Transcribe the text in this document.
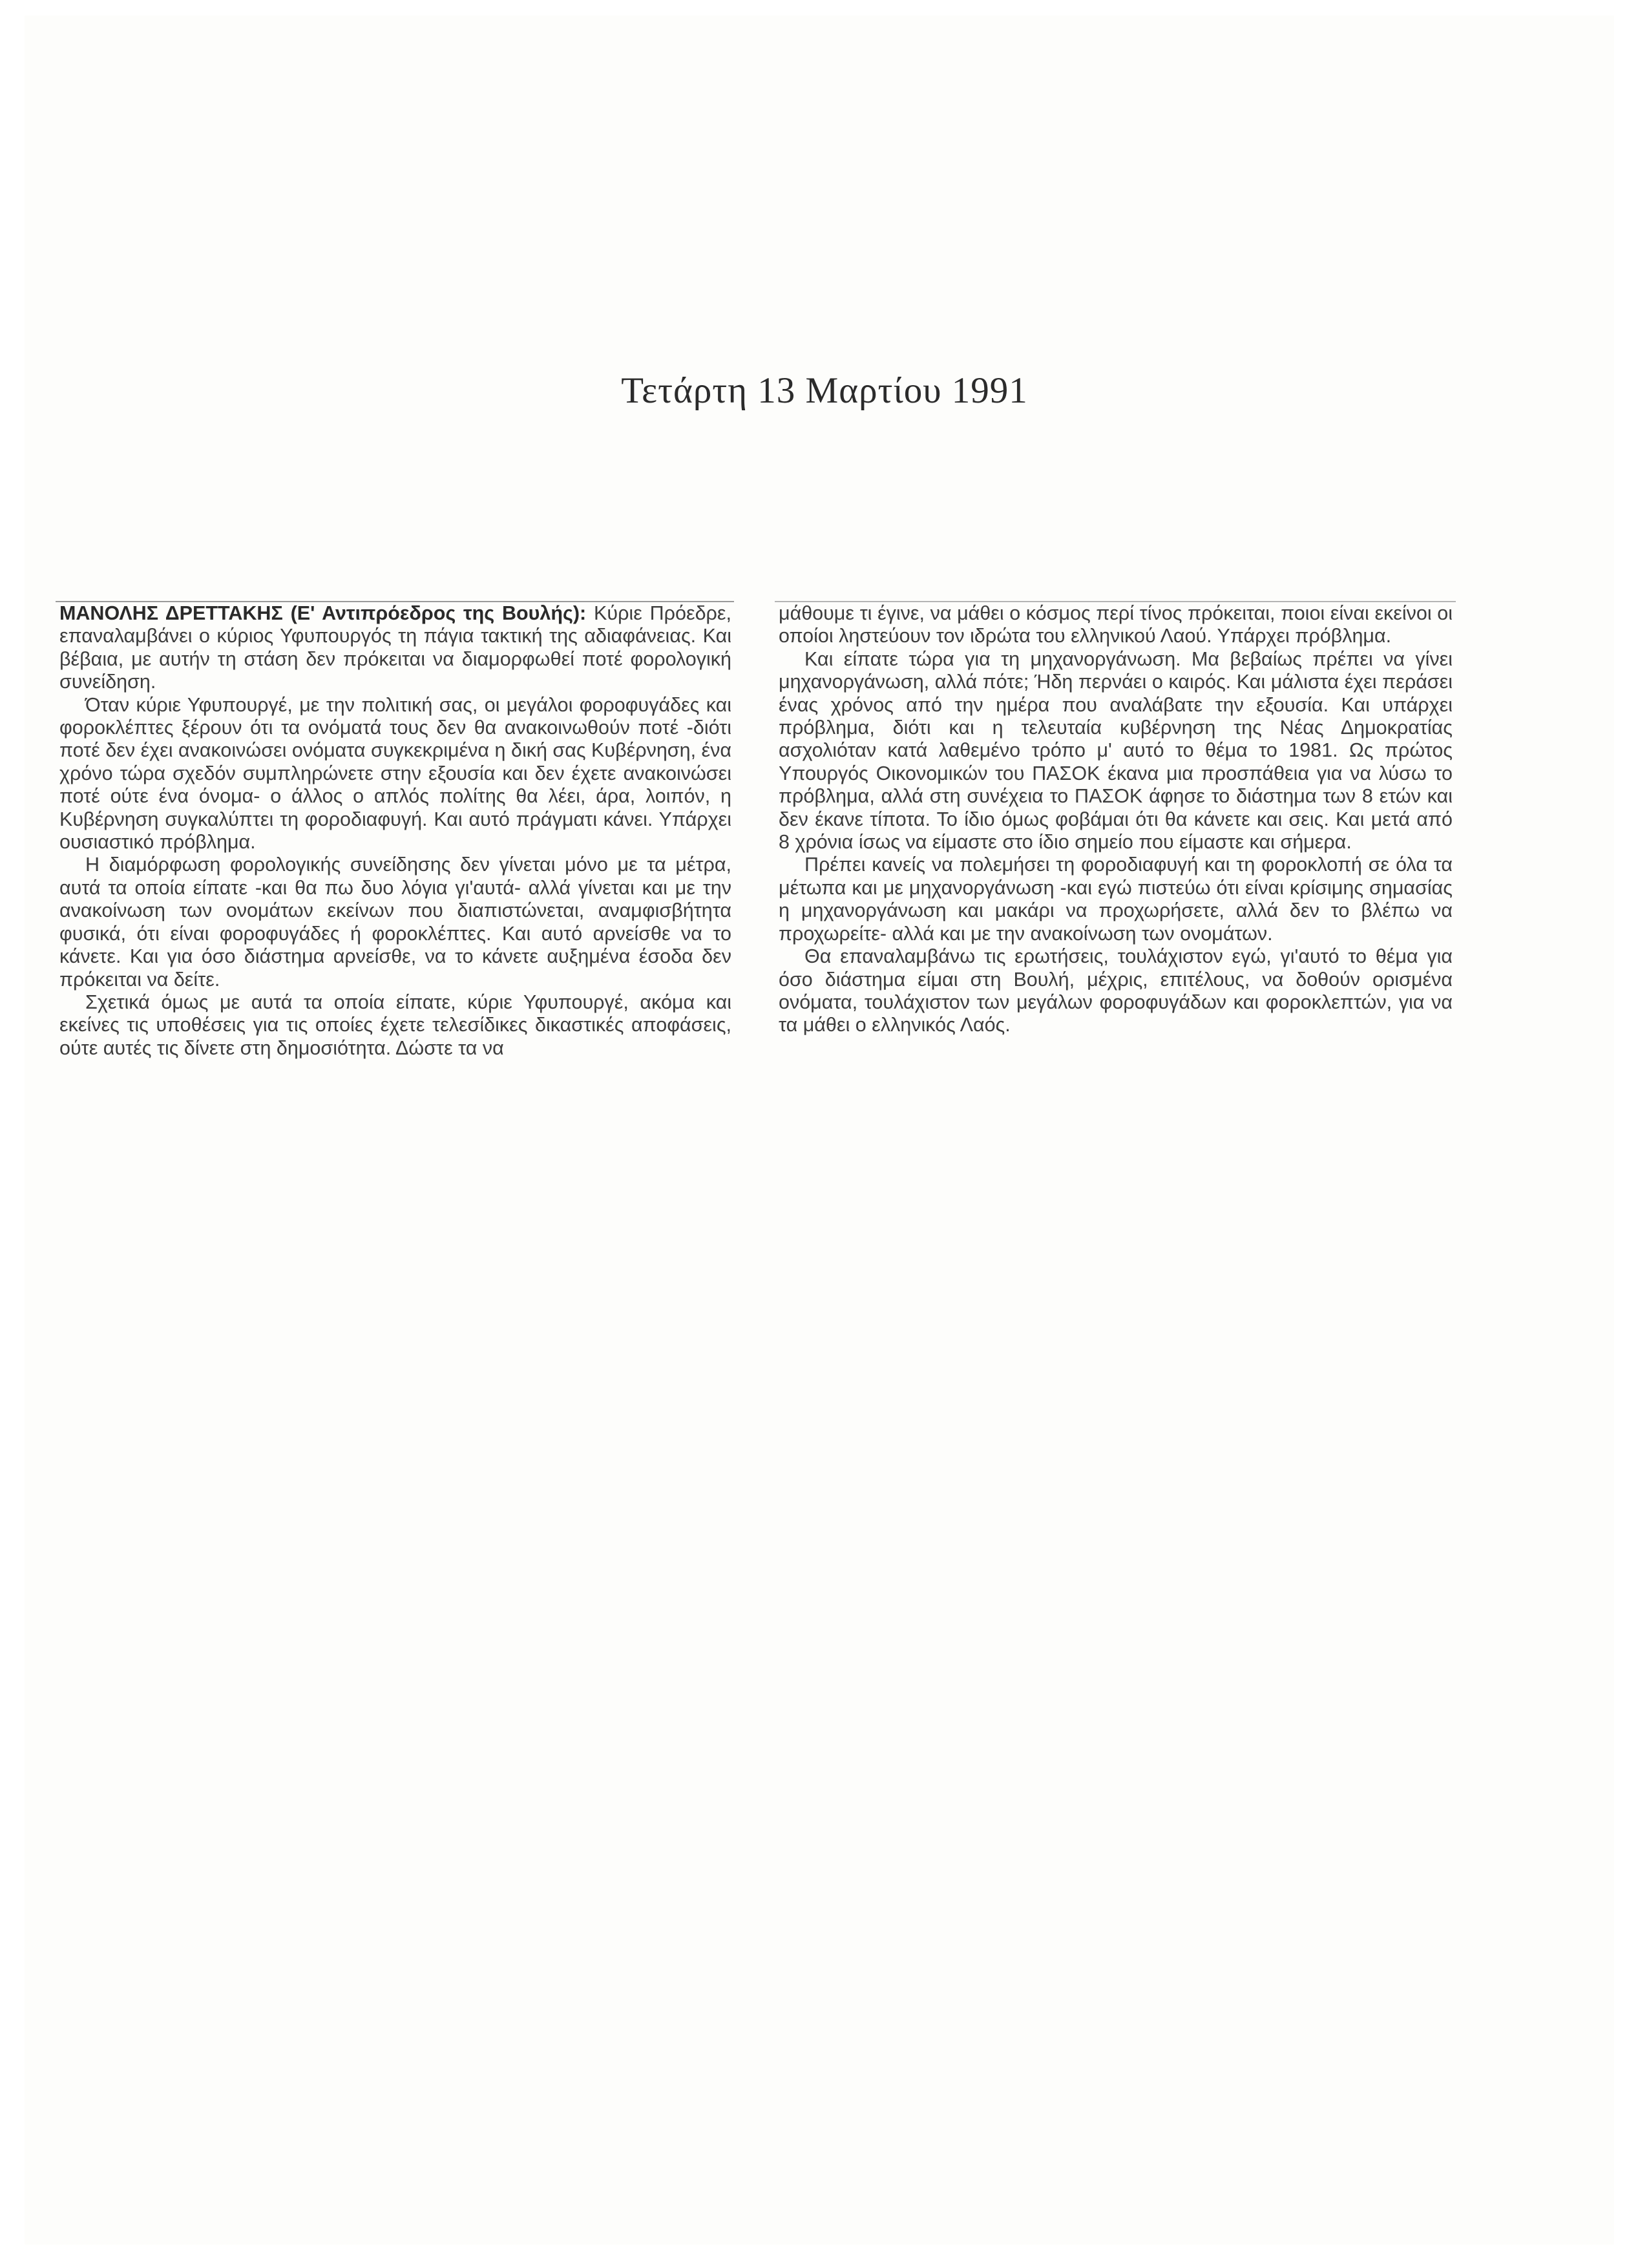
Τετάρτη 13 Μαρτίου 1991

ΜΑΝΟΛΗΣ ΔΡΕΤΤΑΚΗΣ (Ε' Αντιπρόεδρος της Βουλής): Κύριε Πρόεδρε, επαναλαμβάνει ο κύριος Υφυπουργός τη πάγια τακτική της αδιαφάνειας. Και βέβαια, με αυτήν τη στάση δεν πρόκειται να διαμορφωθεί ποτέ φορολογική συνείδηση.

Όταν κύριε Υφυπουργέ, με την πολιτική σας, οι μεγάλοι φοροφυγάδες και φοροκλέπτες ξέρουν ότι τα ονόματά τους δεν θα ανακοινωθούν ποτέ -διότι ποτέ δεν έχει ανακοινώσει ονόματα συγκεκριμένα η δική σας Κυβέρνηση, ένα χρόνο τώρα σχεδόν συμπληρώνετε στην εξουσία και δεν έχετε ανακοινώσει ποτέ ούτε ένα όνομα- ο άλλος ο απλός πολίτης θα λέει, άρα, λοιπόν, η Κυβέρνηση συγκαλύπτει τη φοροδιαφυγή. Και αυτό πράγματι κάνει. Υπάρχει ουσιαστικό πρόβλημα.

Η διαμόρφωση φορολογικής συνείδησης δεν γίνεται μόνο με τα μέτρα, αυτά τα οποία είπατε -και θα πω δυο λόγια γι'αυτά- αλλά γίνεται και με την ανακοίνωση των ονομάτων εκείνων που διαπιστώνεται, αναμφισβήτητα φυσικά, ότι είναι φοροφυγάδες ή φοροκλέπτες. Και αυτό αρνείσθε να το κάνετε. Και για όσο διάστημα αρνείσθε, να το κάνετε αυξημένα έσοδα δεν πρόκειται να δείτε.

Σχετικά όμως με αυτά τα οποία είπατε, κύριε Υφυπουργέ, ακόμα και εκείνες τις υποθέσεις για τις οποίες έχετε τελεσίδικες δικαστικές αποφάσεις, ούτε αυτές τις δίνετε στη δημοσιότητα. Δώστε τα να

μάθουμε τι έγινε, να μάθει ο κόσμος περί τίνος πρόκειται, ποιοι είναι εκείνοι οι οποίοι ληστεύουν τον ιδρώτα του ελληνικού Λαού. Υπάρχει πρόβλημα.

Και είπατε τώρα για τη μηχανοργάνωση. Μα βεβαίως πρέπει να γίνει μηχανοργάνωση, αλλά πότε; Ήδη περνάει ο καιρός. Και μάλιστα έχει περάσει ένας χρόνος από την ημέρα που αναλάβατε την εξουσία. Και υπάρχει πρόβλημα, διότι και η τελευταία κυβέρνηση της Νέας Δημοκρατίας ασχολιόταν κατά λαθεμένο τρόπο μ' αυτό το θέμα το 1981. Ως πρώτος Υπουργός Οικονομικών του ΠΑΣΟΚ έκανα μια προσπάθεια για να λύσω το πρόβλημα, αλλά στη συνέχεια το ΠΑΣΟΚ άφησε το διάστημα των 8 ετών και δεν έκανε τίποτα. Το ίδιο όμως φοβάμαι ότι θα κάνετε και σεις. Και μετά από 8 χρόνια ίσως να είμαστε στο ίδιο σημείο που είμαστε και σήμερα.

Πρέπει κανείς να πολεμήσει τη φοροδιαφυγή και τη φοροκλοπή σε όλα τα μέτωπα και με μηχανοργάνωση -και εγώ πιστεύω ότι είναι κρίσιμης σημασίας η μηχανοργάνωση και μακάρι να προχωρήσετε, αλλά δεν το βλέπω να προχωρείτε- αλλά και με την ανακοίνωση των ονομάτων.

Θα επαναλαμβάνω τις ερωτήσεις, τουλάχιστον εγώ, γι'αυτό το θέμα για όσο διάστημα είμαι στη Βουλή, μέχρις, επιτέλους, να δοθούν ορισμένα ονόματα, τουλάχιστον των μεγάλων φοροφυγάδων και φοροκλεπτών, για να τα μάθει ο ελληνικός Λαός.
